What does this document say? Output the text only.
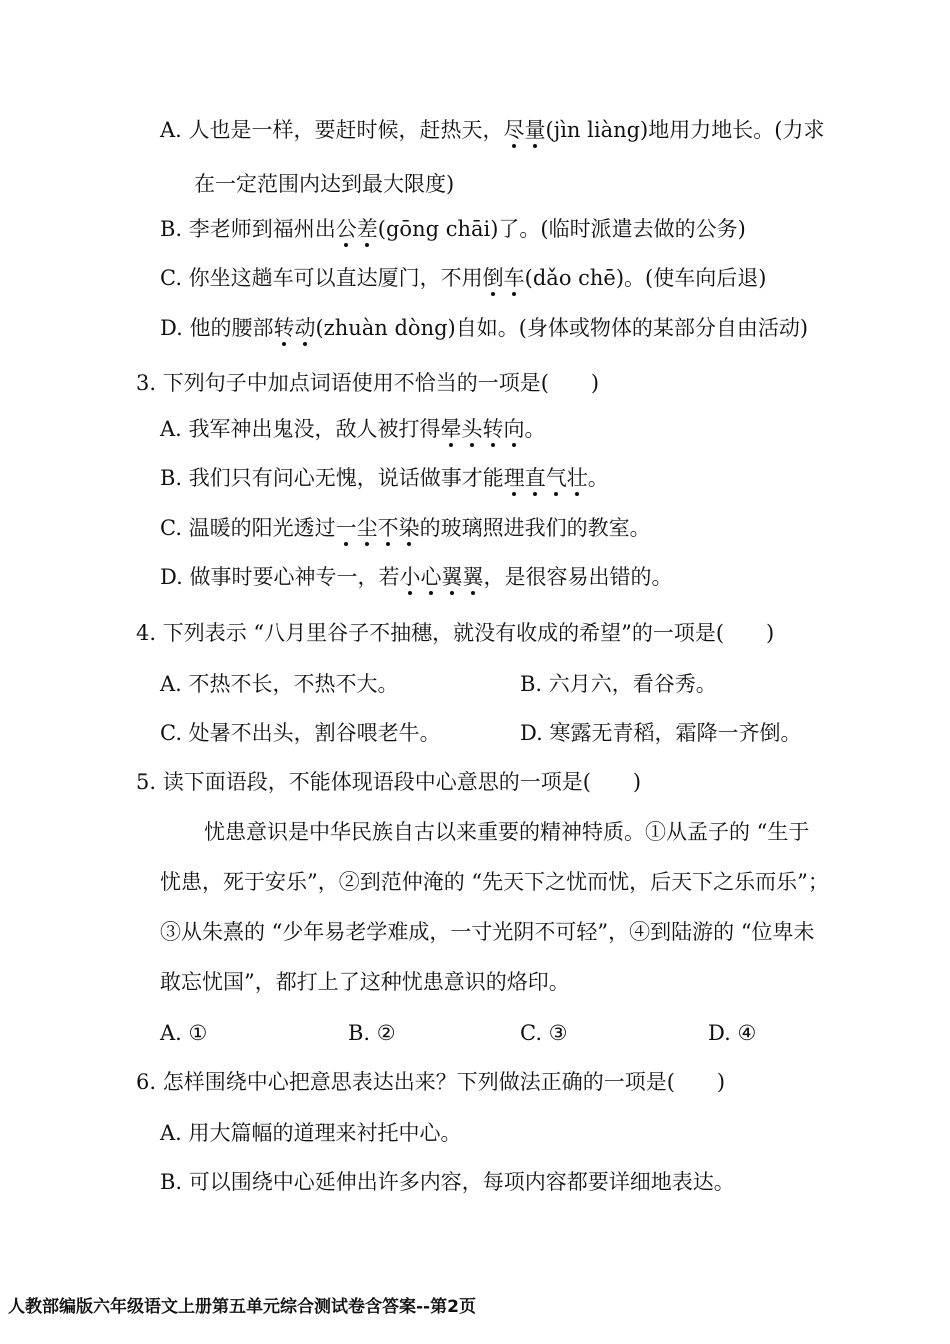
A. 人也是一样，要赶时候，赶热天，尽量(jìn liàng)地用力地长。(力求
在一定范围内达到最大限度)
B. 李老师到福州出公差(gōng chāi)了。(临时派遣去做的公务)
C. 你坐这趟车可以直达厦门，不用倒车(dǎo chē)。(使车向后退)
D. 他的腰部转动(zhuàn dòng)自如。(身体或物体的某部分自由活动)
3. 下列句子中加点词语使用不恰当的一项是(　　)
A. 我军神出鬼没，敌人被打得晕头转向。
B. 我们只有问心无愧，说话做事才能理直气壮。
C. 温暖的阳光透过一尘不染的玻璃照进我们的教室。
D. 做事时要心神专一，若小心翼翼，是很容易出错的。
4. 下列表示 “八月里谷子不抽穗，就没有收成的希望”的一项是(　　)
A. 不热不长，不热不大。	B. 六月六，看谷秀。
C. 处暑不出头，割谷喂老牛。	D. 寒露无青稻，霜降一齐倒。
5. 读下面语段，不能体现语段中心意思的一项是(　　)
忧患意识是中华民族自古以来重要的精神特质。①从孟子的 “生于
忧患，死于安乐”，②到范仲淹的 “先天下之忧而忧，后天下之乐而乐”；
③从朱熹的 “少年易老学难成，一寸光阴不可轻”，④到陆游的 “位卑未
敢忘忧国”，都打上了这种忧患意识的烙印。
A. ①	B. ②	C. ③	D. ④
6. 怎样围绕中心把意思表达出来？下列做法正确的一项是(　　)
A. 用大篇幅的道理来衬托中心。
B. 可以围绕中心延伸出许多内容，每项内容都要详细地表达。
人教部编版六年级语文上册第五单元综合测试卷含答案--第2页
